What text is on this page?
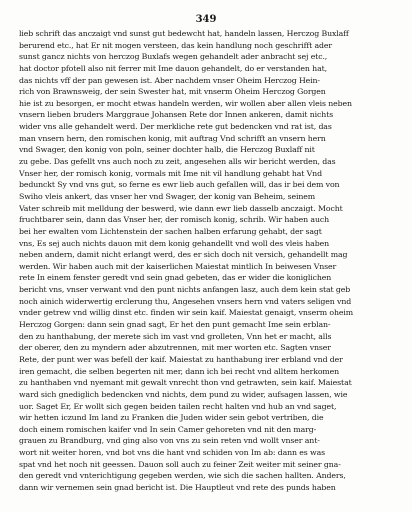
349
lieb schrift das anczaigt vnd sunst gut bedewcht hat, handeln lassen, Herczog Buxlaff
berurend etc., hat Er nit mogen versteen, das kein handlung noch geschrifft ader
sunst gancz nichts von herczog Buxlafs wegen gehandelt ader anbracht sej etc.,
hat doctor pfotell also nit ferrer mit Ime dauon gehandelt, do er verstanden hat,
das nichts vff der pan gewesen ist. Aber nachdem vnser Oheim Herczog Hein-
rich von Brawnsweig, der sein Swester hat, mit vnserm Oheim Herczog Gorgen
hie ist zu besorgen, er mocht etwas handeln werden, wir wollen aber allen vleis neben
vnsern lieben bruders Marggraue Johansen Rete dor Innen ankeren, damit nichts
wider vns alle gehandelt werd. Der merkliche rete gut bedencken vnd rat ist, das
man vnsern hern, den romischen konig, mit auftrag Vnd schrifft an vnsern hern
vnd Swager, den konig von poln, seiner dochter halb, die Herczog Buxlaff nit
zu gebe. Das gefellt vns auch noch zu zeit, angesehen alls wir bericht werden, das
Vnser her, der romisch konig, vormals mit Ime nit vil handlung gehabt hat Vnd
bedunckt Sy vnd vns gut, so ferne es ewr lieb auch gefallen will, das ir bei dem von
Swiho vleis ankert, das vnser her vnd Swager, der konig van Beheim, seinem
Vater schreib mit melldung der beswerd, wie dann ewr lieb dasselb anczaigt. Mocht
fruchtbarer sein, dann das Vnser her, der romisch konig, schrib. Wir haben auch
bei her ewalten vom Lichtenstein der sachen halben erfarung gehabt, der sagt
vns, Es sej auch nichts dauon mit dem konig gehandellt vnd woll des vleis haben
neben andern, damit nicht erlangt werd, des er sich doch nit versich, gehandellt mag
werden. Wir haben auch mit der kaiserlichen Maiestat mintlich In beiwesen Vnser
rete In einem fenster geredt vnd sein gnad gebeten, das er wider die koniglichen
bericht vns, vnser verwant vnd den punt nichts anfangen lasz, auch dem kein stat geb
noch ainich widerwertig erclerung thu, Angesehen vnsers hern vnd vaters seligen vnd
vnder getrew vnd willig dinst etc. finden wir sein kaif. Maiestat genaigt, vnserm oheim
Herczog Gorgen: dann sein gnad sagt, Er het den punt gemacht Ime sein erblan-
den zu hanthabung, der merete sich im vast vnd grolleten, Vnn het er macht, alls
der oberer, den zu myndern ader abzutrennen, mit mer worten etc. Sagten vnser
Rete, der punt wer was befell der kaif. Maiestat zu hanthabung irer erbland vnd der
iren gemacht, die selben begerten nit mer, dann ich bei recht vnd alltem herkomen
zu hanthaben vnd nyemant mit gewalt vnrecht thon vnd getrawten, sein kaif. Maiestat
ward sich gnediglich bedencken vnd nichts, dem pund zu wider, aufsagen lassen, wie
uor. Saget Er, Er wollt sich gegen beiden tailen recht halten vnd hub an vnd saget,
wir hetten iczund Im land zu Franken die Juden wider sein gebot vertriben, die
doch einem romischen kaifer vnd In sein Camer gehoreten vnd nit den marg-
grauen zu Brandburg, vnd ging also von vns zu sein reten vnd wollt vnser ant-
wort nit weiter horen, vnd bot vns die hant vnd schiden von Im ab: dann es was
spat vnd het noch nit geessen. Dauon soll auch zu feiner Zeit weiter mit seiner gna-
den geredt vnd vnterichtigung gegeben werden, wie sich die sachen hallten. Anders,
dann wir vernemen sein gnad bericht ist. Die Hauptleut vnd rete des punds haben
